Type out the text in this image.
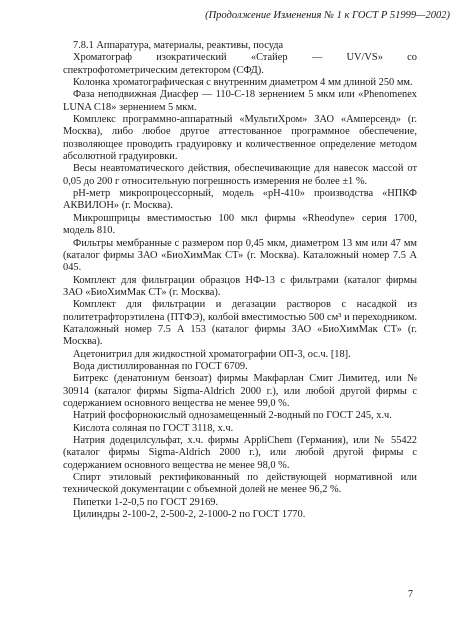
(Продолжение Изменения № 1 к ГОСТ Р 51999—2002)

7.8.1 Аппаратура, материалы, реактивы, посуда

Хроматограф изократический «Стайер — UV/VS» со спектрофотометрическим детектором (СФД).

Колонка хроматографическая с внутренним диаметром 4 мм длиной 250 мм.

Фаза неподвижная Диасфер — 110-С-18 зернением 5 мкм или «Phenomenex LUNA C18» зернением 5 мкм.

Комплекс программно-аппаратный «МультиХром» ЗАО «Амперсенд» (г. Москва), либо любое другое аттестованное программное обеспечение, позволяющее проводить градуировку и количественное определение методом абсолютной градуировки.

Весы неавтоматического действия, обеспечивающие для навесок массой от 0,05 до 200 г относительную погрешность измерения не более ±1 %.

рН-метр микропроцессорный, модель «рН-410» производства «НПКФ АКВИЛОН» (г. Москва).

Микрошприцы вместимостью 100 мкл фирмы «Rheodyne» серия 1700, модель 810.

Фильтры мембранные с размером пор 0,45 мкм, диаметром 13 мм или 47 мм (каталог фирмы ЗАО «БиоХимМак СТ» (г. Москва). Каталожный номер 7.5 А 045.

Комплект для фильтрации образцов НФ-13 с фильтрами (каталог фирмы ЗАО «БиоХимМак СТ» (г. Москва).

Комплект для фильтрации и дегазации растворов с насадкой из политетрафторэтилена (ПТФЭ), колбой вместимостью 500 см³ и переходником. Каталожный номер 7.5 А 153 (каталог фирмы ЗАО «БиоХимМак СТ» (г. Москва).

Ацетонитрил для жидкостной хроматографии ОП-3, ос.ч. [18].

Вода дистиллированная по ГОСТ 6709.

Битрекс (денатониум бензоат) фирмы Макфарлан Смит Лимитед, или № 30914 (каталог фирмы Sigma-Aldrich 2000 г.), или любой другой фирмы с содержанием основного вещества не менее 99,0 %.

Натрий фосфорнокислый однозамещенный 2-водный по ГОСТ 245, х.ч.

Кислота соляная по ГОСТ 3118, х.ч.

Натрия додецилсульфат, х.ч. фирмы AppliChem (Германия), или № 55422 (каталог фирмы Sigma-Aldrich 2000 г.), или любой другой фирмы с содержанием основного вещества не менее 98,0 %.

Спирт этиловый ректификованный по действующей нормативной или технической документации с объемной долей не менее 96,2 %.

Пипетки 1-2-0,5 по ГОСТ 29169.

Цилиндры 2-100-2, 2-500-2, 2-1000-2 по ГОСТ 1770.

7
